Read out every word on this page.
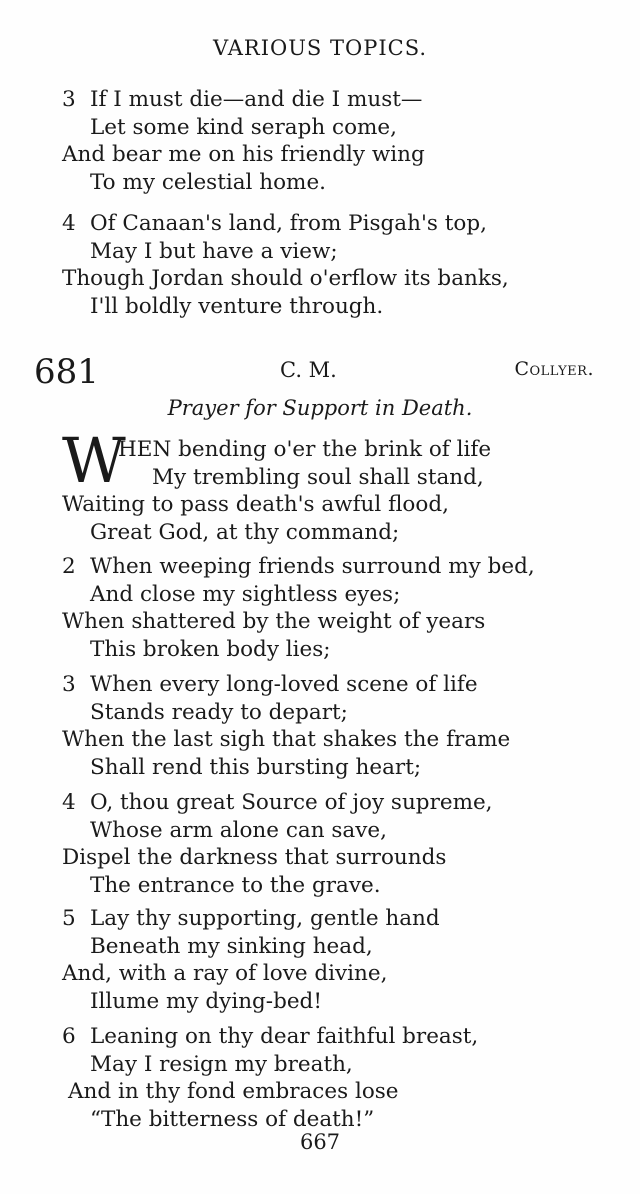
VARIOUS TOPICS.
3 If I must die—and die I must—
Let some kind seraph come,
And bear me on his friendly wing
To my celestial home.
4 Of Canaan's land, from Pisgah's top,
May I but have a view;
Though Jordan should o'erflow its banks,
I'll boldly venture through.
681	C. M.	Collyer.
Prayer for Support in Death.
W
HEN bending o'er the brink of life
My trembling soul shall stand,
Waiting to pass death's awful flood,
Great God, at thy command;
2 When weeping friends surround my bed,
And close my sightless eyes;
When shattered by the weight of years
This broken body lies;
3 When every long-loved scene of life
Stands ready to depart;
When the last sigh that shakes the frame
Shall rend this bursting heart;
4 O, thou great Source of joy supreme,
Whose arm alone can save,
Dispel the darkness that surrounds
The entrance to the grave.
5 Lay thy supporting, gentle hand
Beneath my sinking head,
And, with a ray of love divine,
Illume my dying-bed!
6 Leaning on thy dear faithful breast,
May I resign my breath,
And in thy fond embraces lose
“The bitterness of death!”
667
